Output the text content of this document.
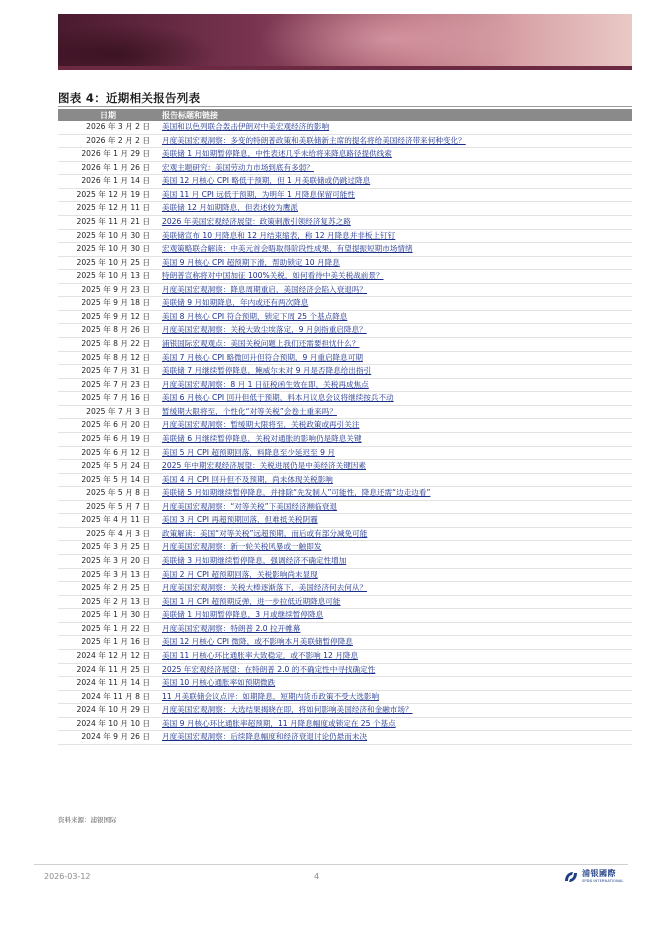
图表 4：近期相关报告列表
日期	报告标题和链接
2026 年 3 月 2 日	美国和以色列联合轰击伊朗对中美宏观经济的影响
2026 年 2 月 2 日	月度美国宏观洞察：多变的特朗普政策和美联储新主席的提名将给美国经济带来何种变化？
2026 年 1 月 29 日	美联储 1 月如期暂停降息，中性表述几乎未给将来降息路径提供线索
2026 年 1 月 26 日	宏观主题研究：美国劳动力市场到底有多弱？
2026 年 1 月 14 日	美国 12 月核心 CPI 略低于预期，但 1 月美联储或仍跳过降息
2025 年 12 月 19 日	美国 11 月 CPI 远低于预期，为明年 1 月降息保留可能性
2025 年 12 月 11 日	美联储 12 月如期降息，但表述较为鹰派
2025 年 11 月 21 日	2026 年美国宏观经济展望：政策刺激引领经济复苏之路
2025 年 10 月 30 日	美联储宣布 10 月降息和 12 月结束缩表，称 12 月降息并非板上钉钉
2025 年 10 月 30 日	宏观策略联合解读：中美元首会晤取得阶段性成果，有望提振短期市场情绪
2025 年 10 月 25 日	美国 9 月核心 CPI 超预期下滑，帮助锁定 10 月降息
2025 年 10 月 13 日	特朗普宣称将对中国加征 100%关税，如何看待中美关税战前景？
2025 年 9 月 23 日	月度美国宏观洞察：降息周期重启，美国经济会陷入衰退吗？
2025 年 9 月 18 日	美联储 9 月如期降息，年内或还有两次降息
2025 年 9 月 12 日	美国 8 月核心 CPI 符合预期，锁定下周 25 个基点降息
2025 年 8 月 26 日	月度美国宏观洞察：关税大致尘埃落定，9 月剑指重启降息？
2025 年 8 月 22 日	浦银国际宏观观点：美国关税问题上我们还需要担忧什么？
2025 年 8 月 12 日	美国 7 月核心 CPI 略微回升但符合预期，9 月重启降息可期
2025 年 7 月 31 日	美联储 7 月继续暂停降息，鲍威尔未对 9 月是否降息给出指引
2025 年 7 月 23 日	月度美国宏观洞察：8 月 1 日征税函生效在即，关税再成焦点
2025 年 7 月 16 日	美国 6 月核心 CPI 回升但低于预期，料本月议息会议将继续按兵不动
2025 年 7 月 3 日	暂缓期大限将至，个性化“对等关税”会卷土重来吗？
2025 年 6 月 20 日	月度美国宏观洞察：暂缓期大限将至，关税政策或再引关注
2025 年 6 月 19 日	美联储 6 月继续暂停降息，关税对通胀的影响仍是降息关键
2025 年 6 月 12 日	美国 5 月 CPI 超预期回落，料降息至少延迟至 9 月
2025 年 5 月 24 日	2025 年中期宏观经济展望：关税进展仍是中美经济关键因素
2025 年 5 月 14 日	美国 4 月 CPI 回升但不及预期，尚未体现关税影响
2025 年 5 月 8 日	美联储 5 月如期继续暂停降息，并排除“先发制人”可能性，降息还需“边走边看”
2025 年 5 月 7 日	月度美国宏观洞察：“对等关税”下美国经济濒临衰退
2025 年 4 月 11 日	美国 3 月 CPI 再超预期回落，但难抵关税阴霾
2025 年 4 月 3 日	政策解读：美国“对等关税”远超预期，而后或有部分减免可能
2025 年 3 月 25 日	月度美国宏观洞察：新一轮关税风暴或一触即发
2025 年 3 月 20 日	美联储 3 月如期继续暂停降息，强调经济不确定性增加
2025 年 3 月 13 日	美国 2 月 CPI 超预期回落，关税影响尚未显现
2025 年 2 月 25 日	月度美国宏观洞察：关税大棒逐渐落下，美国经济何去何从？
2025 年 2 月 13 日	美国 1 月 CPI 超预期反弹，进一步拉低近期降息可能
2025 年 1 月 30 日	美联储 1 月如期暂停降息，3 月或继续暂停降息
2025 年 1 月 22 日	月度美国宏观洞察：特朗普 2.0 拉开帷幕
2025 年 1 月 16 日	美国 12 月核心 CPI 微降，或不影响本月美联储暂停降息
2024 年 12 月 12 日	美国 11 月核心环比通胀率大致稳定，或不影响 12 月降息
2024 年 11 月 25 日	2025 年宏观经济展望：在特朗普 2.0 的不确定性中寻找确定性
2024 年 11 月 14 日	美国 10 月核心通胀率如预期微跌
2024 年 11 月 8 日	11 月美联储会议点评：如期降息，短期内货币政策不受大选影响
2024 年 10 月 29 日	月度美国宏观洞察：大选结果揭晓在即，将如何影响美国经济和金融市场？
2024 年 10 月 10 日	美国 9 月核心环比通胀率超预期，11 月降息幅度或锁定在 25 个基点
2024 年 9 月 26 日	月度美国宏观洞察：后续降息幅度和经济衰退讨论仍悬而未决
资料来源：浦银国际
2026-03-12	4	浦银國際
SPDB INTERNATIONAL
